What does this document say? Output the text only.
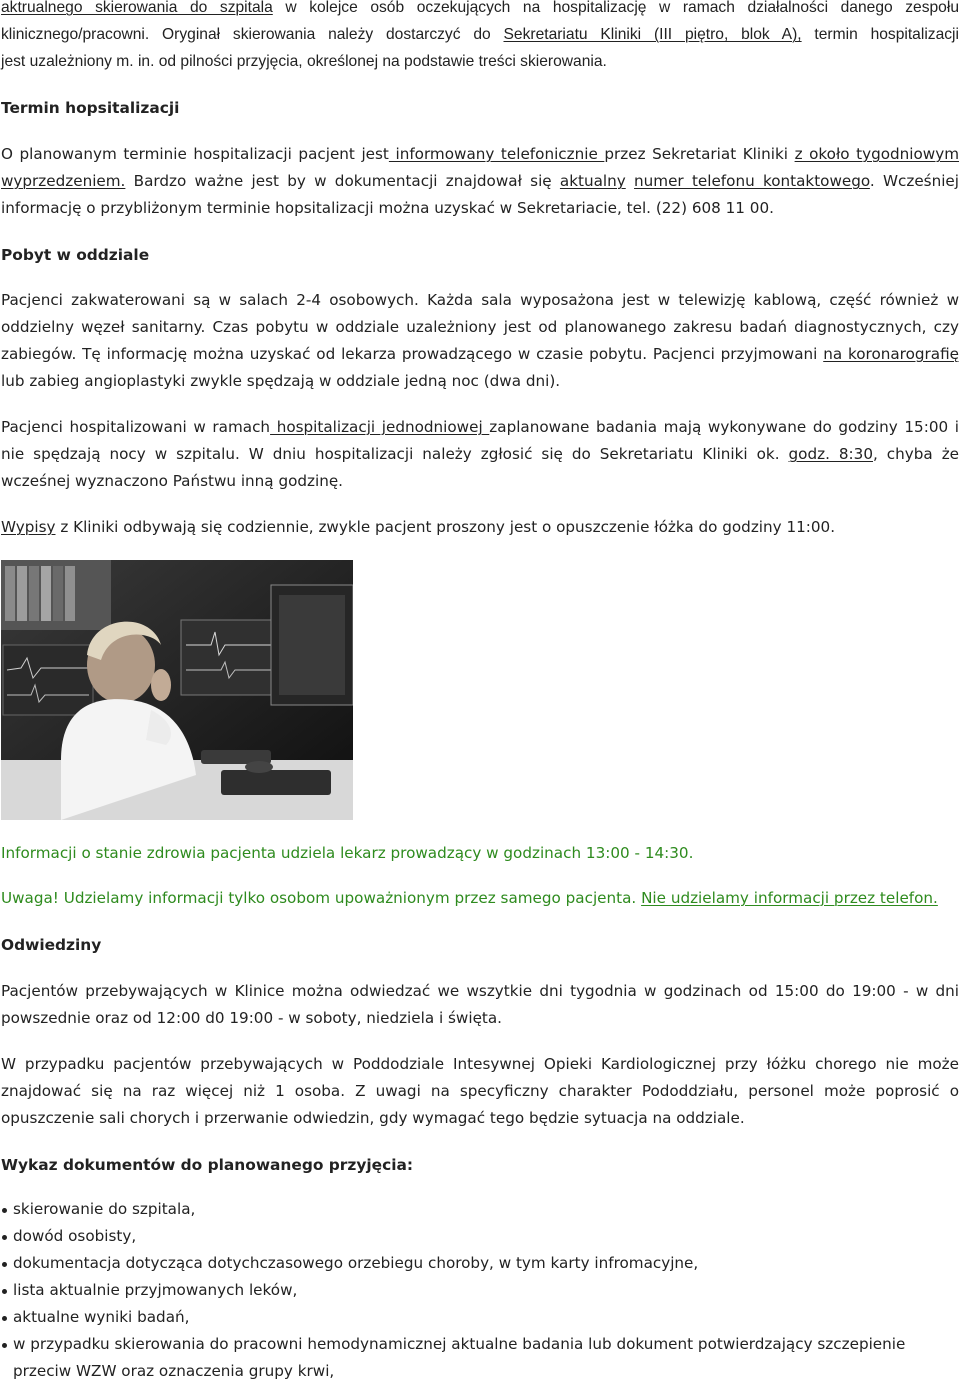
aktrualnego skierowania do szpitala w kolejce osób oczekujących na hospitalizację w ramach działalności danego zespołu
klinicznego/pracowni. Oryginał skierowania należy dostarczyć do Sekretariatu Kliniki (III piętro, blok A), termin hospitalizacji
jest uzależniony m. in. od pilności przyjęcia, określonej na podstawie treści skierowania.
Termin hopsitalizacji
O planowanym terminie hospitalizacji pacjent jest informowany telefonicznie przez Sekretariat Kliniki z około tygodniowym
wyprzedzeniem. Bardzo ważne jest by w dokumentacji znajdował się aktualny numer telefonu kontaktowego. Wcześniej
informację o przybliżonym terminie hopsitalizacji można uzyskać w Sekretariacie, tel. (22) 608 11 00.
Pobyt w oddziale
Pacjenci zakwaterowani są w salach 2-4 osobowych. Każda sala wyposażona jest w telewizję kablową, część również w
oddzielny węzeł sanitarny. Czas pobytu w oddziale uzależniony jest od planowanego zakresu badań diagnostycznych, czy
zabiegów. Tę informację można uzyskać od lekarza prowadzącego w czasie pobytu. Pacjenci przyjmowani na koronarografię
lub zabieg angioplastyki zwykle spędzają w oddziale jedną noc (dwa dni).
Pacjenci hospitalizowani w ramach hospitalizacji jednodniowej zaplanowane badania mają wykonywane do godziny 15:00 i
nie spędzają nocy w szpitalu. W dniu hospitalizacji należy zgłosić się do Sekretariatu Kliniki ok. godz. 8:30, chyba że
wcześnej wyznaczono Państwu inną godzinę.
Wypisy z Kliniki odbywają się codziennie, zwykle pacjent proszony jest o opuszczenie łóżka do godziny 11:00.
Informacji o stanie zdrowia pacjenta udziela lekarz prowadzący w godzinach 13:00 - 14:30.
Uwaga! Udzielamy informacji tylko osobom upoważnionym przez samego pacjenta. Nie udzielamy informacji przez telefon.
Odwiedziny
Pacjentów przebywających w Klinice można odwiedzać we wszytkie dni tygodnia w godzinach od 15:00 do 19:00 - w dni
powszednie oraz od 12:00 d0 19:00 - w soboty, niedziela i święta.
W przypadku pacjentów przebywających w Poddodziale Intesywnej Opieki Kardiologicznej przy łóżku chorego nie może
znajdować się na raz więcej niż 1 osoba. Z uwagi na specyficzny charakter Pododdziału, personel może poprosić o
opuszczenie sali chorych i przerwanie odwiedzin, gdy wymagać tego będzie sytuacja na oddziale.
Wykaz dokumentów do planowanego przyjęcia:
skierowanie do szpitala,
dowód osobisty,
dokumentacja dotycząca dotychczasowego orzebiegu choroby, w tym karty infromacyjne,
lista aktualnie przyjmowanych leków,
aktualne wyniki badań,
w przypadku skierowania do pracowni hemodynamicznej aktualne badania lub dokument potwierdzający szczepienie
przeciw WZW oraz oznaczenia grupy krwi,
